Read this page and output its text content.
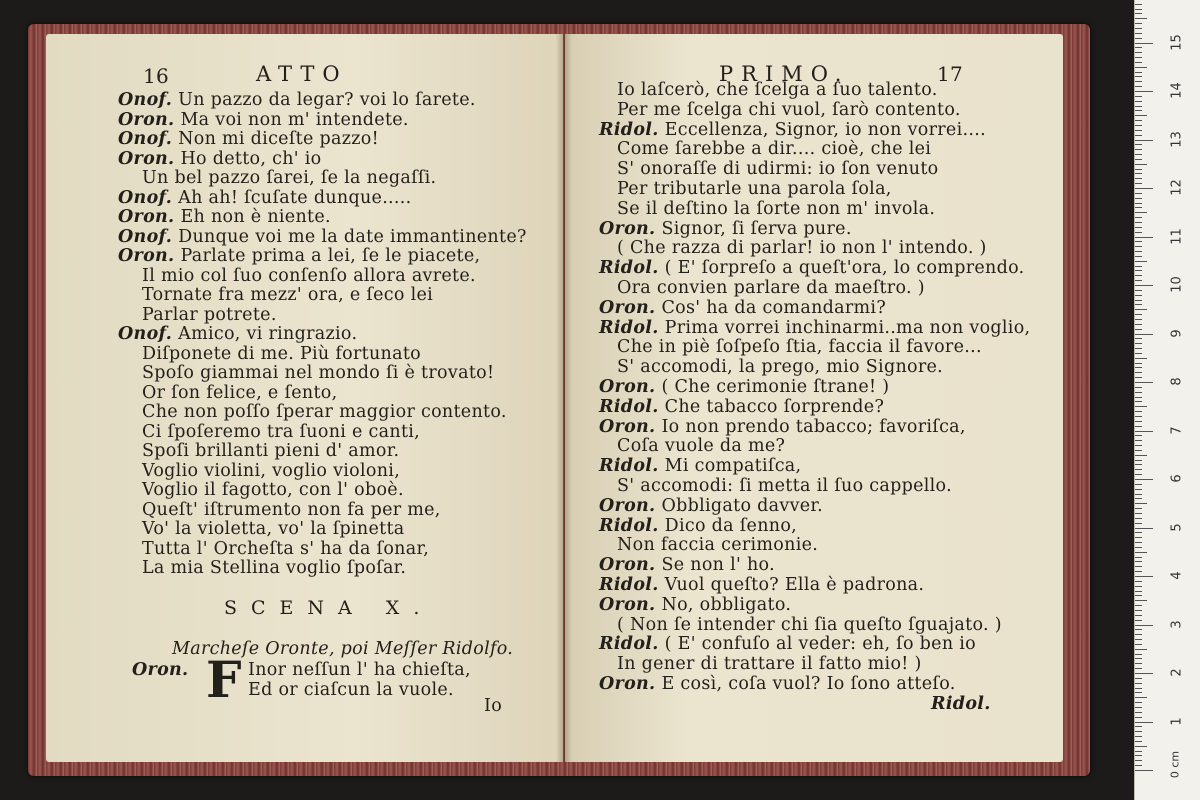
16	ATTO
Onof. Un pazzo da legar? voi lo ſarete.
Oron. Ma voi non m' intendete.
Onof. Non mi diceſte pazzo!
Oron. Ho detto, ch' io
Un bel pazzo ſarei, ſe la negaſſi.
Onof. Ah ah! ſcuſate dunque.....
Oron. Eh non è niente.
Onof. Dunque voi me la date immantinente?
Oron. Parlate prima a lei, ſe le piacete,
Il mio col ſuo conſenſo allora avrete.
Tornate fra mezz' ora, e ſeco lei
Parlar potrete.
Onof. Amico, vi ringrazio.
Diſponete di me. Più fortunato
Spoſo giammai nel mondo ſi è trovato!
Or ſon felice, e ſento,
Che non poſſo ſperar maggior contento.
Ci ſpoſeremo tra ſuoni e canti,
Spoſi brillanti pieni d' amor.
Voglio violini, voglio violoni,
Voglio il fagotto, con l' oboè.
Queſt' iſtrumento non fa per me,
Vo' la violetta, vo' la ſpinetta
Tutta l' Orcheſta s' ha da ſonar,
La mia Stellina voglio ſpoſar.
SCENA X.
Marcheſe Oronte, poi Meſſer Ridolfo.
Oron. F Inor neſſun l' ha chieſta,
Ed or ciaſcun la vuole.
Io
PRIMO.	17
Io laſcerò, che ſcelga a ſuo talento.
Per me ſcelga chi vuol, ſarò contento.
Ridol. Eccellenza, Signor, io non vorrei....
Come ſarebbe a dir.... cioè, che lei
S' onoraſſe di udirmi: io ſon venuto
Per tributarle una parola ſola,
Se il deſtino la ſorte non m' involа.
Oron. Signor, ſi ſerva pure.
( Che razza di parlar! io non l' intendo. )
Ridol. ( E' ſorpreſo a queſt'ora, lo comprendo.
Ora convien parlare da maeſtro. )
Oron. Cos' ha da comandarmi?
Ridol. Prima vorrei inchinarmi..ma non voglio,
Che in piè ſoſpeſo ſtia, faccia il favore...
S' accomodi, la prego, mio Signore.
Oron. ( Che cerimonie ſtrane! )
Ridol. Che tabacco ſorprende?
Oron. Io non prendo tabacco; favoriſca,
Coſa vuole da me?
Ridol. Mi compatiſca,
S' accomodi: ſi metta il ſuo cappello.
Oron. Obbligato davver.
Ridol. Dico da ſenno,
Non faccia cerimonie.
Oron. Se non l' ho.
Ridol. Vuol queſto? Ella è padrona.
Oron. No, obbligato.
( Non ſe intender chi ſia queſto ſguajato. )
Ridol. ( E' confuſo al veder: eh, ſo ben io
In gener di trattare il fatto mio! )
Oron. E così, coſa vuol? Io ſono atteſo.
Ridol.
0 cm
1
2
3
4
5
6
7
8
9
10
11
12
13
14
15
